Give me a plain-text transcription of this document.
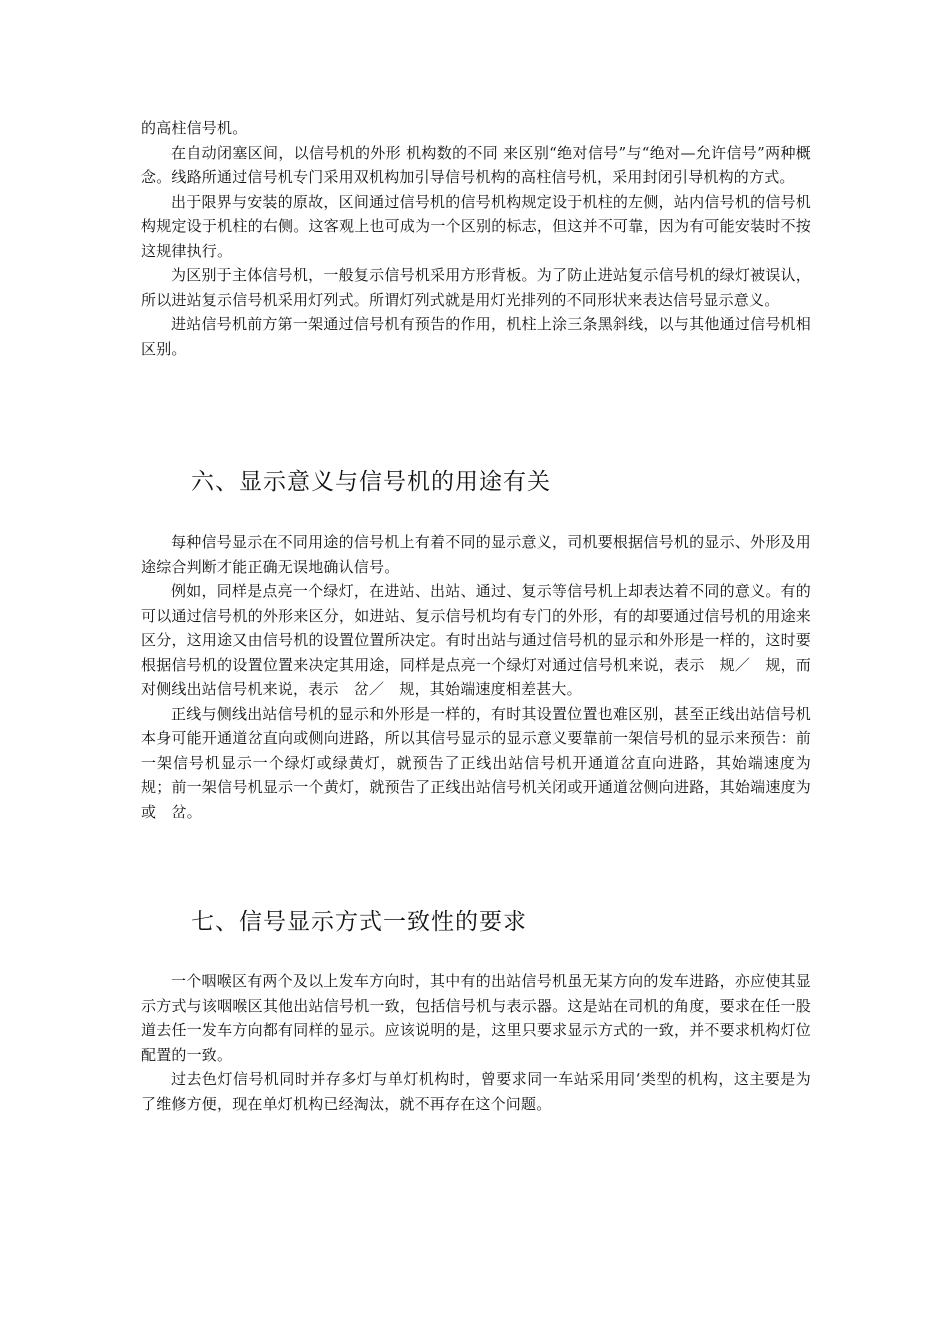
的高柱信号机。

在自动闭塞区间，以信号机的外形 机构数的不同 来区别“绝对信号”与“绝对—允许信号”两种概念。线路所通过信号机专门采用双机构加引导信号机构的高柱信号机，采用封闭引导机构的方式。

出于限界与安装的原故，区间通过信号机的信号机构规定设于机柱的左侧，站内信号机的信号机构规定设于机柱的右侧。这客观上也可成为一个区别的标志，但这并不可靠，因为有可能安装时不按这规律执行。

为区别于主体信号机，一般复示信号机采用方形背板。为了防止进站复示信号机的绿灯被误认，所以进站复示信号机采用灯列式。所谓灯列式就是用灯光排列的不同形状来表达信号显示意义。

进站信号机前方第一架通过信号机有预告的作用，机柱上涂三条黑斜线，以与其他通过信号机相区别。

六、显示意义与信号机的用途有关

每种信号显示在不同用途的信号机上有着不同的显示意义，司机要根据信号机的显示、外形及用途综合判断才能正确无误地确认信号。

例如，同样是点亮一个绿灯，在进站、出站、通过、复示等信号机上却表达着不同的意义。有的可以通过信号机的外形来区分，如进站、复示信号机均有专门的外形，有的却要通过信号机的用途来区分，这用途又由信号机的设置位置所决定。有时出站与通过信号机的显示和外形是一样的，这时要根据信号机的设置位置来决定其用途，同样是点亮一个绿灯对通过信号机来说，表示　规／　规，而对侧线出站信号机来说，表示　岔／　规，其始端速度相差甚大。

正线与侧线出站信号机的显示和外形是一样的，有时其设置位置也难区别，甚至正线出站信号机本身可能开通道岔直向或侧向进路，所以其信号显示的显示意义要靠前一架信号机的显示来预告：前一架信号机显示一个绿灯或绿黄灯，就预告了正线出站信号机开通道岔直向进路，其始端速度为　规；前一架信号机显示一个黄灯，就预告了正线出站信号机关闭或开通道岔侧向进路，其始端速度为　　或　岔。

七、信号显示方式一致性的要求

一个咽喉区有两个及以上发车方向时，其中有的出站信号机虽无某方向的发车进路，亦应使其显示方式与该咽喉区其他出站信号机一致，包括信号机与表示器。这是站在司机的角度，要求在任一股道去任一发车方向都有同样的显示。应该说明的是，这里只要求显示方式的一致，并不要求机构灯位配置的一致。

过去色灯信号机同时并存多灯与单灯机构时，曾要求同一车站采用同‘类型的机构，这主要是为了维修方便，现在单灯机构已经淘汰，就不再存在这个问题。
